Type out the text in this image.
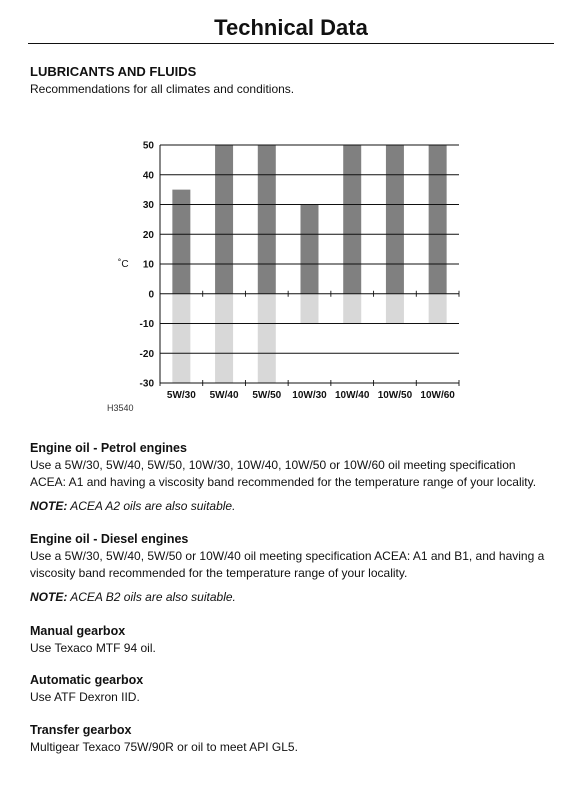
Technical Data
LUBRICANTS AND FLUIDS
Recommendations for all climates and conditions.
50
40
30
20
10
0
-10
-20
-30
5W/30 5W/40 5W/50 10W/30 10W/40 10W/50 10W/60
˚C
H3540
Engine oil - Petrol engines
Use a 5W/30, 5W/40, 5W/50, 10W/30, 10W/40, 10W/50 or 10W/60 oil meeting specification ACEA: A1 and having a viscosity band recommended for the temperature range of your locality.
NOTE: ACEA A2 oils are also suitable.
Engine oil - Diesel engines
Use a 5W/30, 5W/40, 5W/50 or 10W/40 oil meeting specification ACEA: A1 and B1, and having a viscosity band recommended for the temperature range of your locality.
NOTE: ACEA B2 oils are also suitable.
Manual gearbox
Use Texaco MTF 94 oil.
Automatic gearbox
Use ATF Dexron IID.
Transfer gearbox
Multigear Texaco 75W/90R or oil to meet API GL5.
